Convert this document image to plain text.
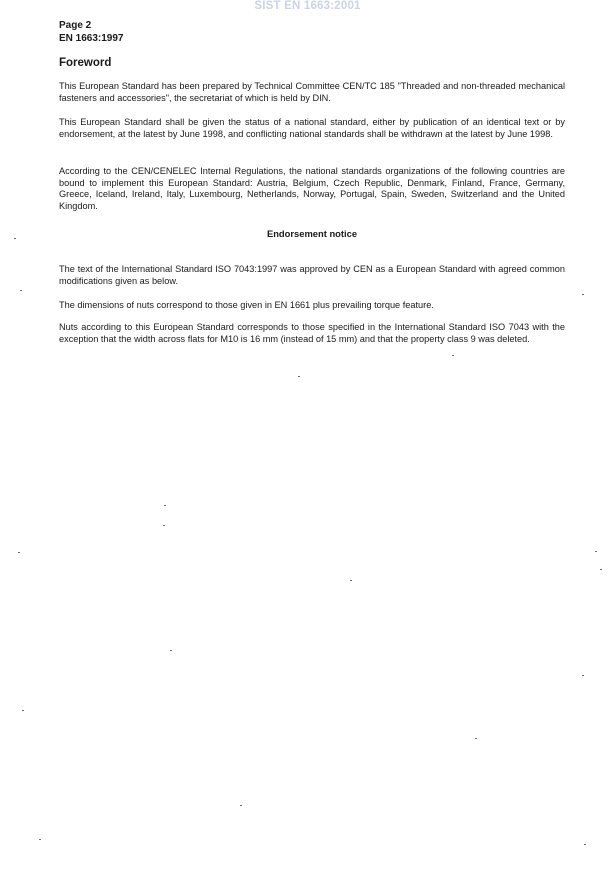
SIST EN 1663:2001
Page 2
EN 1663:1997
Foreword

This European Standard has been prepared by Technical Committee CEN/TC 185 "Threaded and non-threaded mechanical fasteners and accessories", the secretariat of which is held by DIN.

This European Standard shall be given the status of a national standard, either by publication of an identical text or by endorsement, at the latest by June 1998, and conflicting national standards shall be withdrawn at the latest by June 1998.

According to the CEN/CENELEC Internal Regulations, the national standards organizations of the following countries are bound to implement this European Standard: Austria, Belgium, Czech Republic, Denmark, Finland, France, Germany, Greece, Iceland, Ireland, Italy, Luxembourg, Netherlands, Norway, Portugal, Spain, Sweden, Switzerland and the United Kingdom.

Endorsement notice

The text of the International Standard ISO 7043:1997 was approved by CEN as a European Standard with agreed common modifications given as below.

The dimensions of nuts correspond to those given in EN 1661 plus prevailing torque feature.

Nuts according to this European Standard corresponds to those specified in the International Standard ISO 7043 with the exception that the width across flats for M10 is 16 mm (instead of 15 mm) and that the property class 9 was deleted.
